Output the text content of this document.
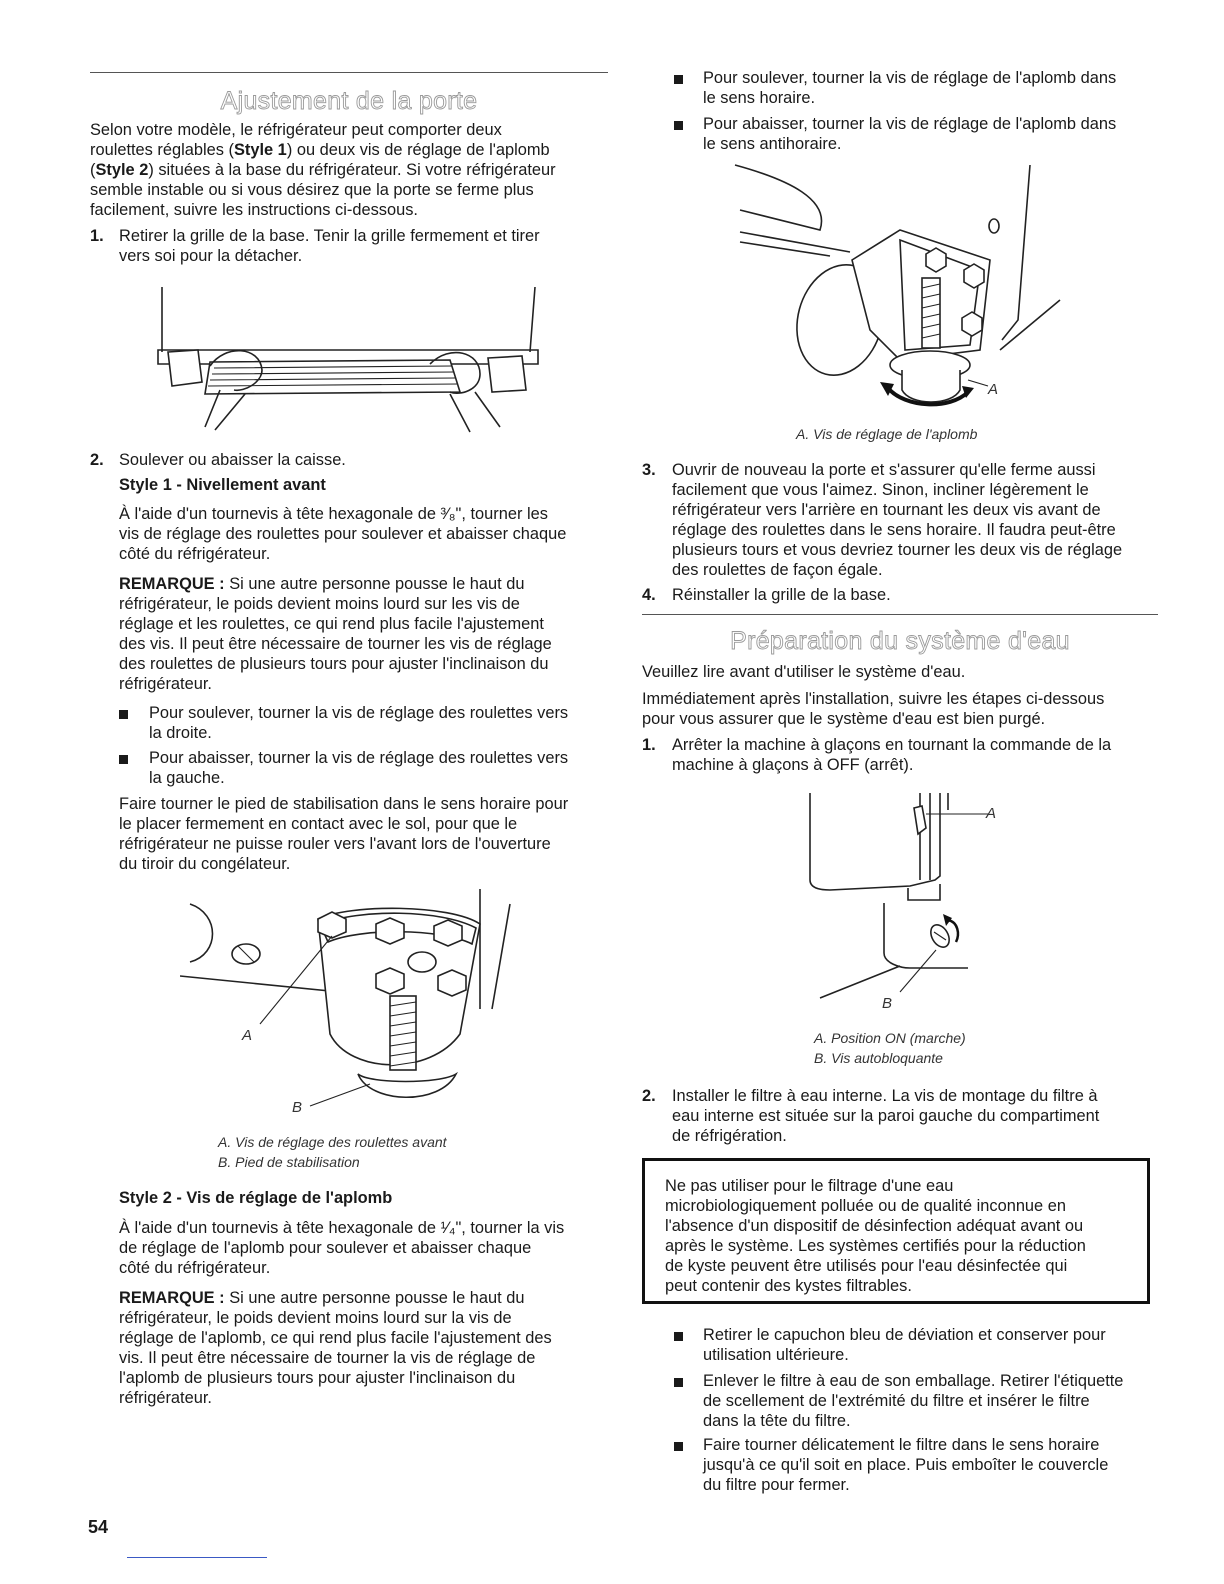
Ajustement de la porte

Selon votre modèle, le réfrigérateur peut comporter deux

roulettes réglables (Style 1) ou deux vis de réglage de l'aplomb

(Style 2) situées à la base du réfrigérateur. Si votre réfrigérateur

semble instable ou si vous désirez que la porte se ferme plus

facilement, suivre les instructions ci-dessous.

1. Retirer la grille de la base. Tenir la grille fermement et tirer

vers soi pour la détacher.

2. Soulever ou abaisser la caisse.

Style 1 - Nivellement avant

À l'aide d'un tournevis à tête hexagonale de ³⁄₈", tourner les

vis de réglage des roulettes pour soulever et abaisser chaque

côté du réfrigérateur.

REMARQUE : Si une autre personne pousse le haut du

réfrigérateur, le poids devient moins lourd sur les vis de

réglage et les roulettes, ce qui rend plus facile l'ajustement

des vis. Il peut être nécessaire de tourner les vis de réglage

des roulettes de plusieurs tours pour ajuster l'inclinaison du

réfrigérateur.

Pour soulever, tourner la vis de réglage des roulettes vers

la droite.

Pour abaisser, tourner la vis de réglage des roulettes vers

la gauche.

Faire tourner le pied de stabilisation dans le sens horaire pour

le placer fermement en contact avec le sol, pour que le

réfrigérateur ne puisse rouler vers l'avant lors de l'ouverture

du tiroir du congélateur.

A
B

A. Vis de réglage des roulettes avant

B. Pied de stabilisation

Style 2 - Vis de réglage de l'aplomb

À l'aide d'un tournevis à tête hexagonale de ¹⁄₄", tourner la vis

de réglage de l'aplomb pour soulever et abaisser chaque

côté du réfrigérateur.

REMARQUE : Si une autre personne pousse le haut du

réfrigérateur, le poids devient moins lourd sur la vis de

réglage de l'aplomb, ce qui rend plus facile l'ajustement des

vis. Il peut être nécessaire de tourner la vis de réglage de

l'aplomb de plusieurs tours pour ajuster l'inclinaison du

réfrigérateur.

Pour soulever, tourner la vis de réglage de l'aplomb dans

le sens horaire.

Pour abaisser, tourner la vis de réglage de l'aplomb dans

le sens antihoraire.

A

A. Vis de réglage de l'aplomb

3. Ouvrir de nouveau la porte et s'assurer qu'elle ferme aussi

facilement que vous l'aimez. Sinon, incliner légèrement le

réfrigérateur vers l'arrière en tournant les deux vis avant de

réglage des roulettes dans le sens horaire. Il faudra peut-être

plusieurs tours et vous devriez tourner les deux vis de réglage

des roulettes de façon égale.

4. Réinstaller la grille de la base.

Préparation du système d'eau

Veuillez lire avant d'utiliser le système d'eau.

Immédiatement après l'installation, suivre les étapes ci-dessous

pour vous assurer que le système d'eau est bien purgé.

1. Arrêter la machine à glaçons en tournant la commande de la

machine à glaçons à OFF (arrêt).

A
B

A. Position ON (marche)

B. Vis autobloquante

2. Installer le filtre à eau interne. La vis de montage du filtre à

eau interne est située sur la paroi gauche du compartiment

de réfrigération.

Ne pas utiliser pour le filtrage d'une eau

microbiologiquement polluée ou de qualité inconnue en

l'absence d'un dispositif de désinfection adéquat avant ou

après le système. Les systèmes certifiés pour la réduction

de kyste peuvent être utilisés pour l'eau désinfectée qui

peut contenir des kystes filtrables.

Retirer le capuchon bleu de déviation et conserver pour

utilisation ultérieure.

Enlever le filtre à eau de son emballage. Retirer l'étiquette

de scellement de l'extrémité du filtre et insérer le filtre

dans la tête du filtre.

Faire tourner délicatement le filtre dans le sens horaire

jusqu'à ce qu'il soit en place. Puis emboîter le couvercle

du filtre pour fermer.

54
